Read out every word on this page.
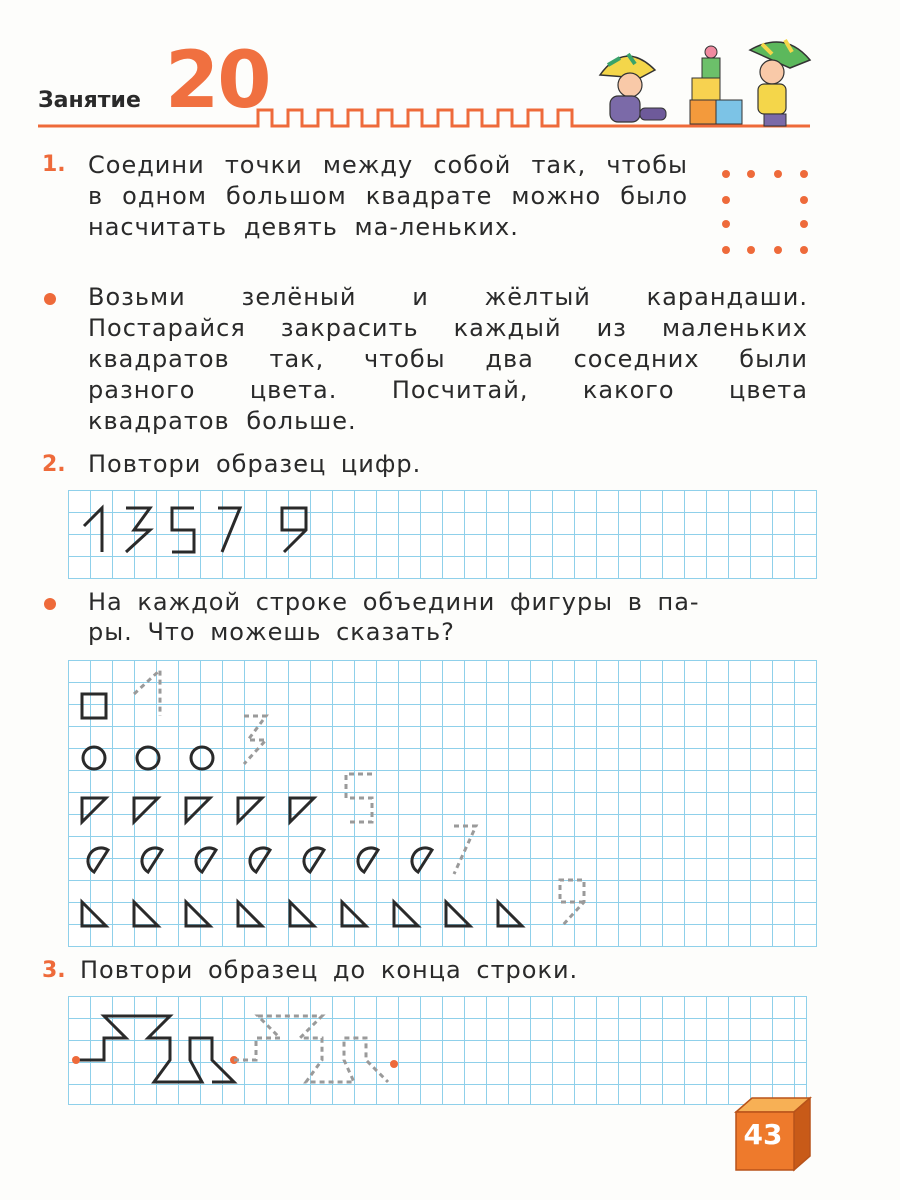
Занятие 20
1. Соедини точки между собой так, чтобы в одном большом квадрате можно было насчитать девять ма-леньких.
Возьми зелёный и жёлтый карандаши. Постарайся закрасить каждый из маленьких квадратов так, чтобы два соседних были разного цвета. Посчитай, какого цвета квадратов больше.
2. Повтори образец цифр.
На каждой строке объедини фигуры в па-
ры. Что можешь сказать?
3. Повтори образец до конца строки.
43
